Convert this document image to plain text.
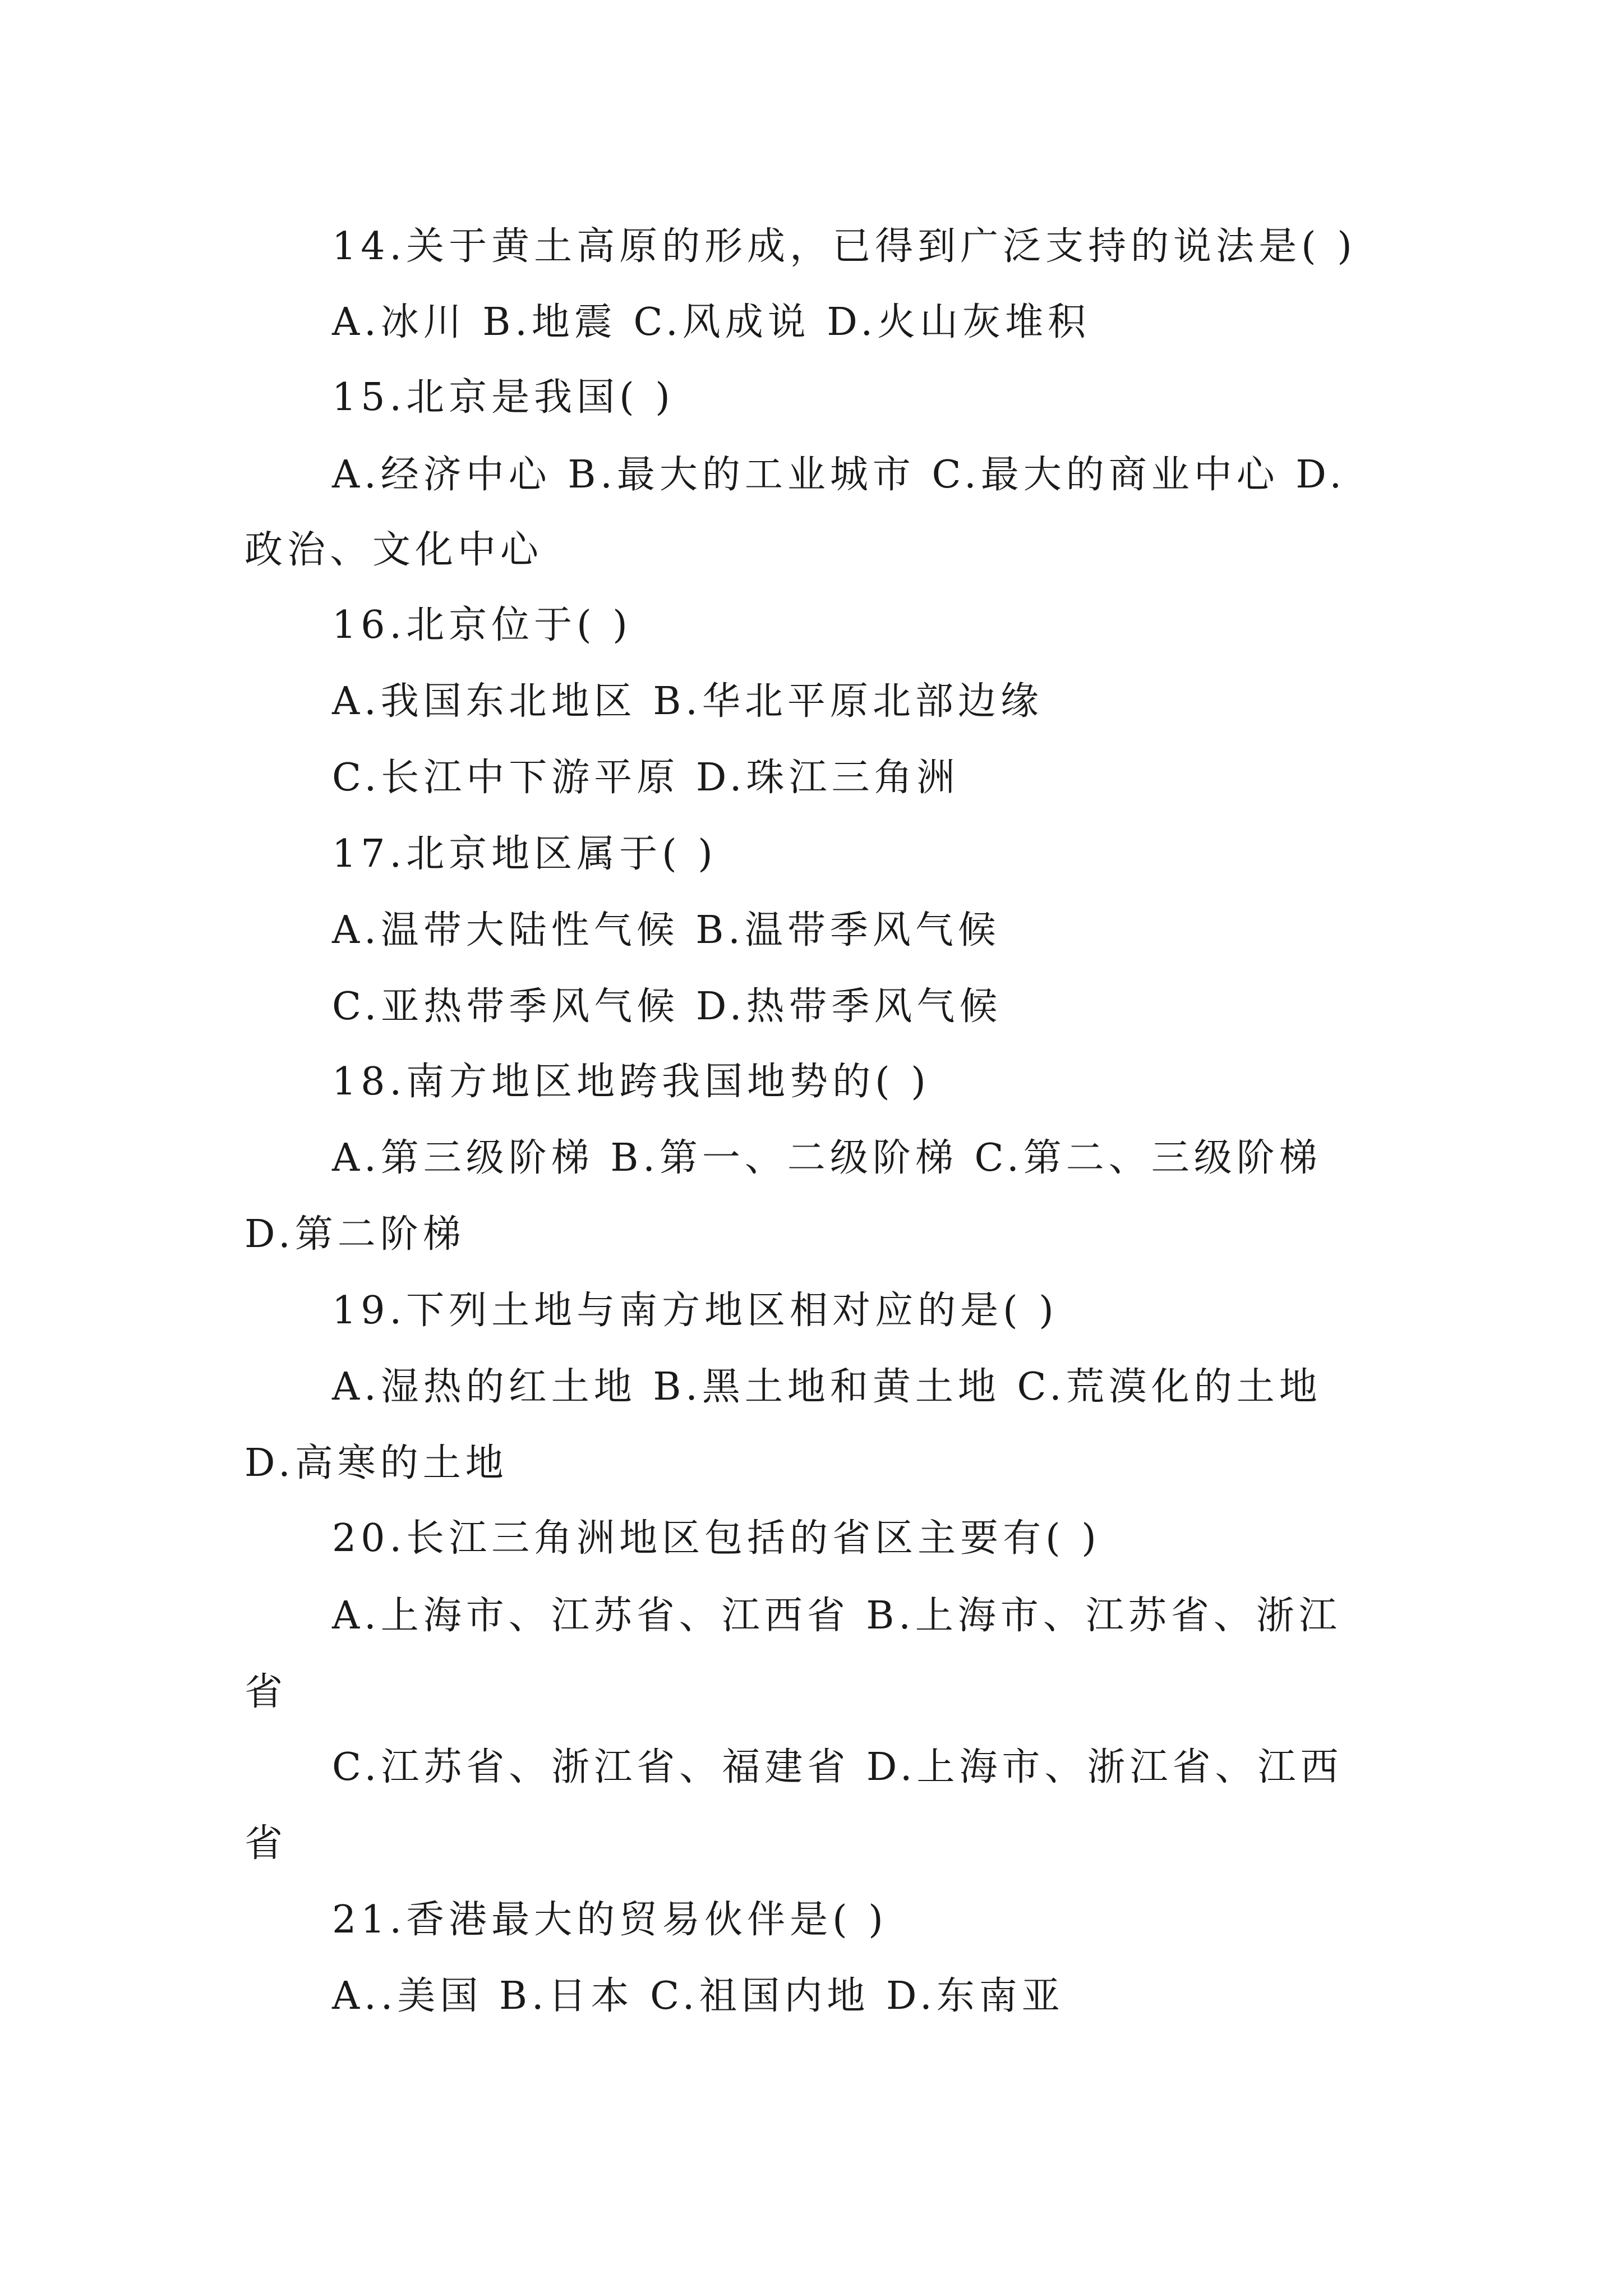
14.关于黄土高原的形成，已得到广泛支持的说法是( )
A.冰川 B.地震 C.风成说 D.火山灰堆积
15.北京是我国( )
A.经济中心 B.最大的工业城市 C.最大的商业中心 D.
政治、文化中心
16.北京位于( )
A.我国东北地区 B.华北平原北部边缘
C.长江中下游平原 D.珠江三角洲
17.北京地区属于( )
A.温带大陆性气候 B.温带季风气候
C.亚热带季风气候 D.热带季风气候
18.南方地区地跨我国地势的( )
A.第三级阶梯 B.第一、二级阶梯 C.第二、三级阶梯
D.第二阶梯
19.下列土地与南方地区相对应的是( )
A.湿热的红土地 B.黑土地和黄土地 C.荒漠化的土地
D.高寒的土地
20.长江三角洲地区包括的省区主要有( )
A.上海市、江苏省、江西省 B.上海市、江苏省、浙江
省
C.江苏省、浙江省、福建省 D.上海市、浙江省、江西
省
21.香港最大的贸易伙伴是( )
A..美国 B.日本 C.祖国内地 D.东南亚
